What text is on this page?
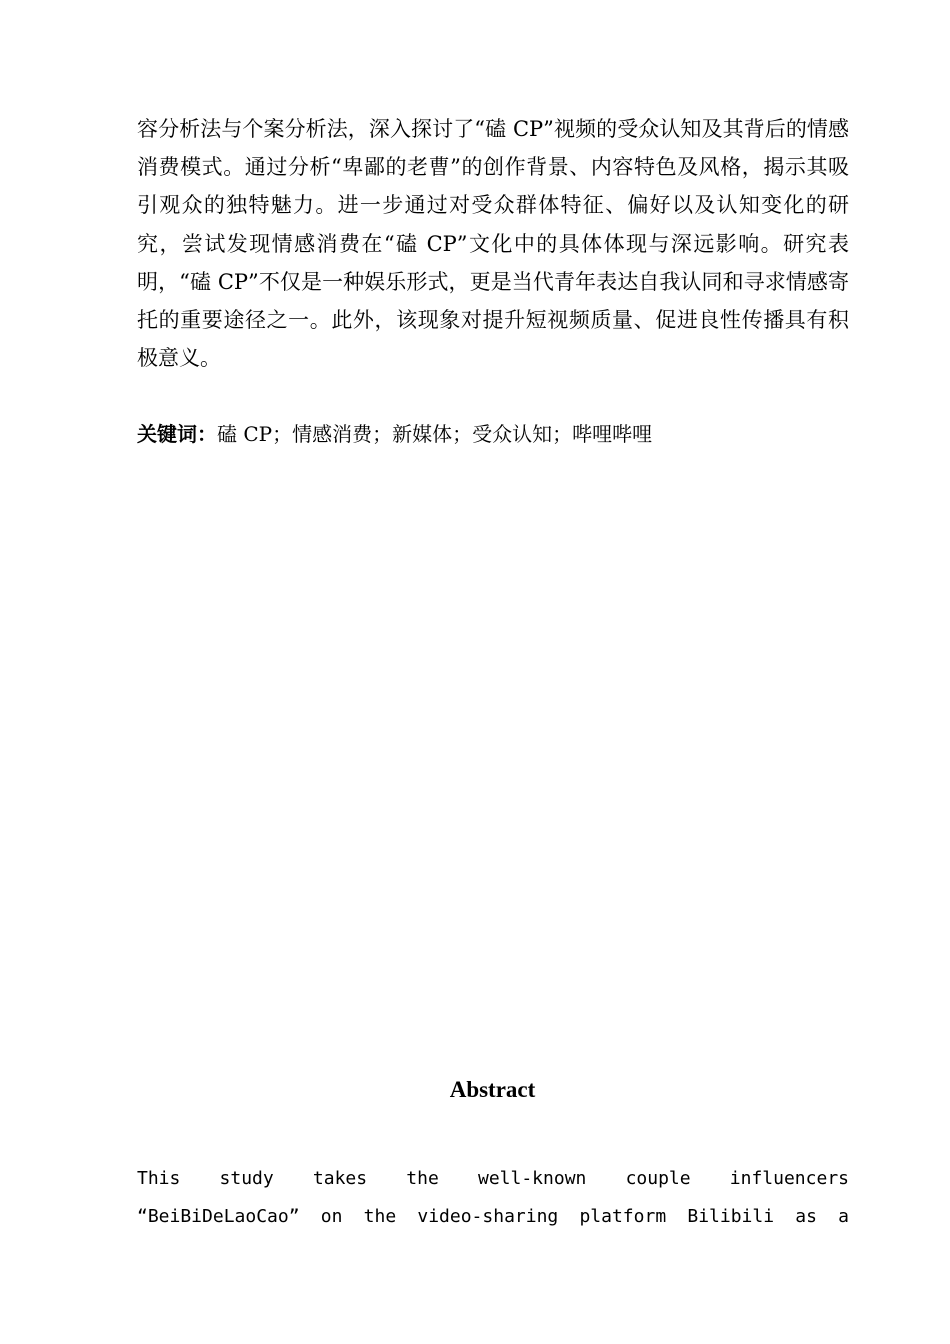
容分析法与个案分析法，深入探讨了“磕 CP”视频的受众认知及其背后的情感消费模式。通过分析“卑鄙的老曹”的创作背景、内容特色及风格，揭示其吸引观众的独特魅力。进一步通过对受众群体特征、偏好以及认知变化的研究，尝试发现情感消费在“磕 CP”文化中的具体体现与深远影响。研究表明，“磕 CP”不仅是一种娱乐形式，更是当代青年表达自我认同和寻求情感寄托的重要途径之一。此外，该现象对提升短视频质量、促进良性传播具有积极意义。

关键词：磕 CP；情感消费；新媒体；受众认知；哔哩哔哩

Abstract

This study takes the well-known couple influencers “BeiBiDeLaoCao” on the video-sharing platform Bilibili as a
